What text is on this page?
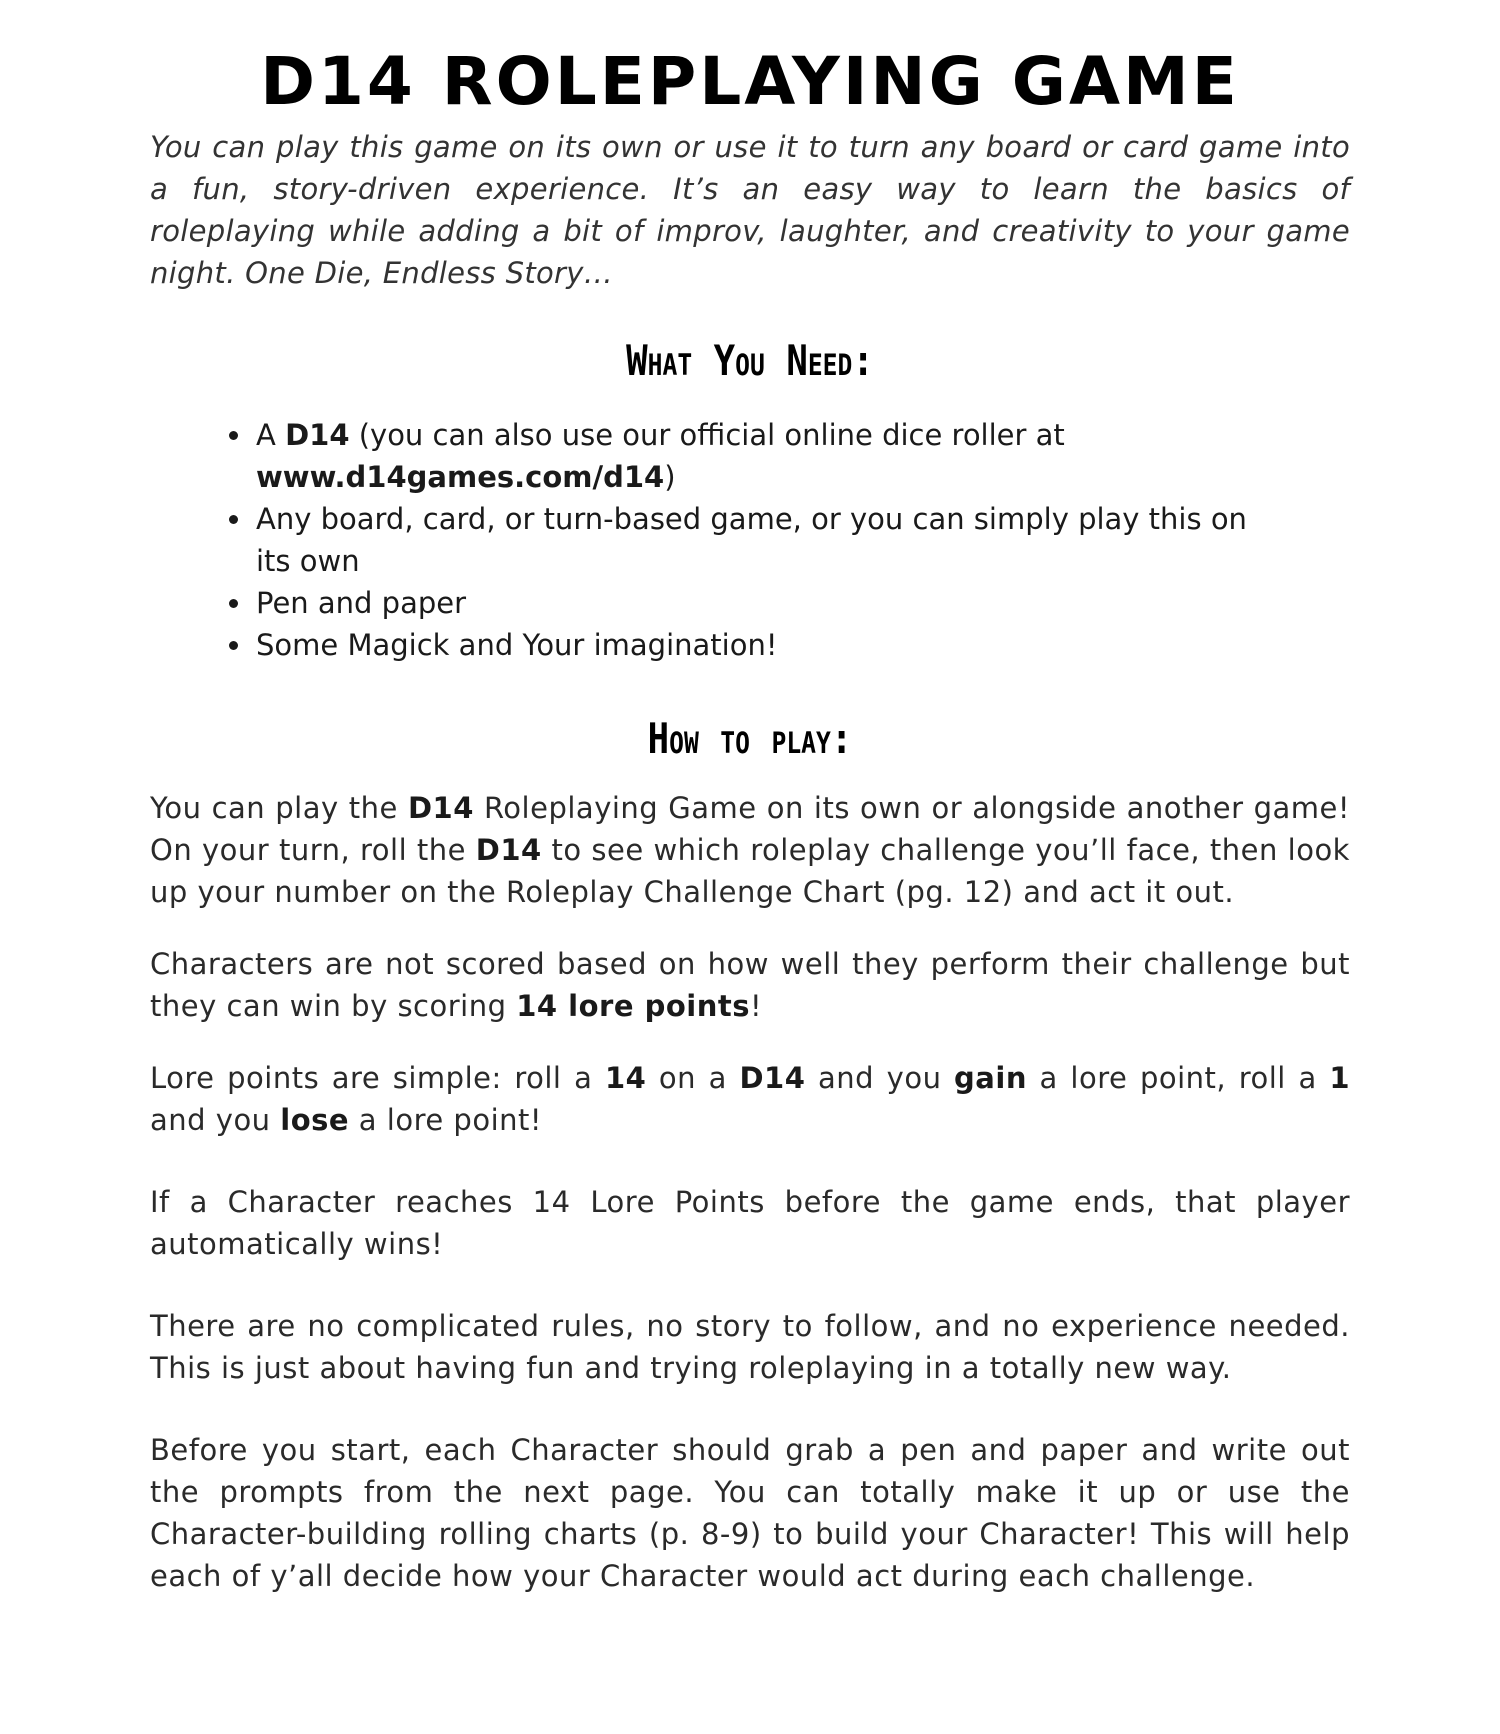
D14 ROLEPLAYING GAME

You can play this game on its own or use it to turn any board or card game into a fun, story-driven experience. It’s an easy way to learn the basics of roleplaying while adding a bit of improv, laughter, and creativity to your game night. One Die, Endless Story…

What You Need:
• A D14 (you can also use our official online dice roller at www.d14games.com/d14)
• Any board, card, or turn-based game, or you can simply play this on its own
• Pen and paper
• Some Magick and Your imagination!
How to play:

You can play the D14 Roleplaying Game on its own or alongside another game! On your turn, roll the D14 to see which roleplay challenge you’ll face, then look up your number on the Roleplay Challenge Chart (pg. 12) and act it out.

Characters are not scored based on how well they perform their challenge but they can win by scoring 14 lore points!

Lore points are simple: roll a 14 on a D14 and you gain a lore point, roll a 1 and you lose a lore point!

If a Character reaches 14 Lore Points before the game ends, that player automatically wins!

There are no complicated rules, no story to follow, and no experience needed. This is just about having fun and trying roleplaying in a totally new way.

Before you start, each Character should grab a pen and paper and write out the prompts from the next page. You can totally make it up or use the Character-building rolling charts (p. 8-9) to build your Character! This will help each of y’all decide how your Character would act during each challenge.
